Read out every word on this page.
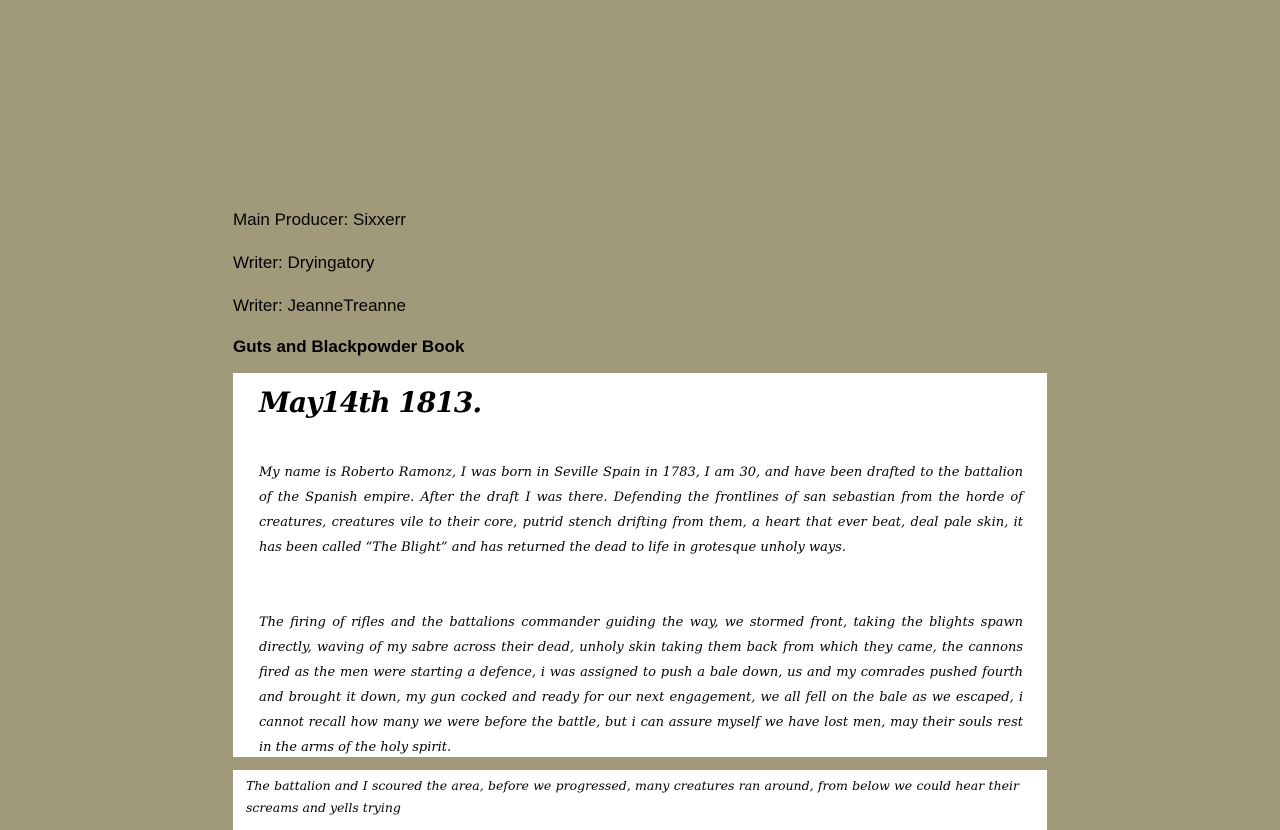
Main Producer: Sixxerr

Writer: Dryingatory

Writer: JeanneTreanne

Guts and Blackpowder Book
May14th 1813.

My name is Roberto Ramonz, I was born in Seville Spain in 1783, I am 30, and have been drafted to the battalion of the Spanish empire. After the draft I was there. Defending the frontlines of san sebastian from the horde of creatures, creatures vile to their core, putrid stench drifting from them, a heart that ever beat, deal pale skin, it has been called “The Blight” and has returned the dead to life in grotesque unholy ways.

The firing of rifles and the battalions commander guiding the way, we stormed front, taking the blights spawn directly, waving of my sabre across their dead, unholy skin taking them back from which they came, the cannons fired as the men were starting a defence, i was assigned to push a bale down, us and my comrades pushed fourth and brought it down, my gun cocked and ready for our next engagement, we all fell on the bale as we escaped, i cannot recall how many we were before the battle, but i can assure myself we have lost men, may their souls rest in the arms of the holy spirit.

The battalion and I scoured the area, before we progressed, many creatures ran around, from below we could hear their screams and yells trying
